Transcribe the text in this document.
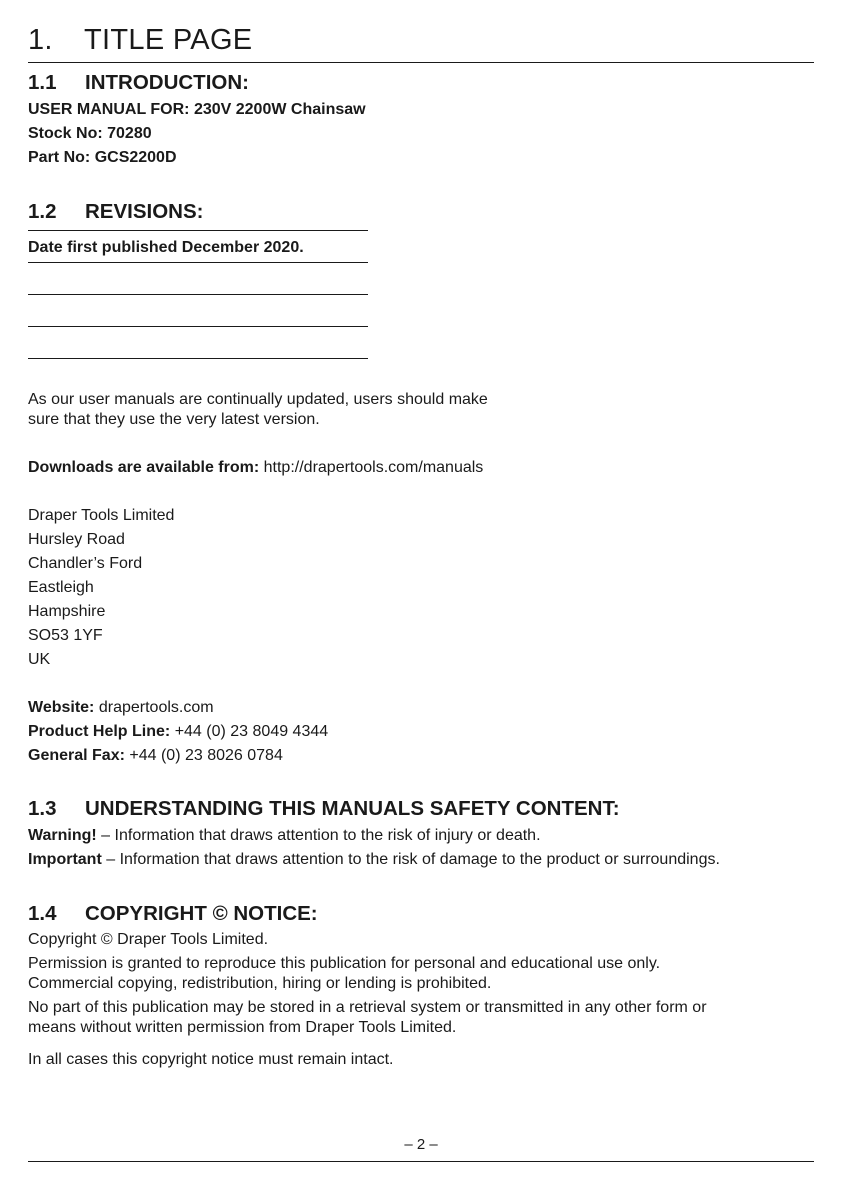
1. TITLE PAGE
1.1 INTRODUCTION:
USER MANUAL FOR: 230V 2200W Chainsaw
Stock No: 70280
Part No: GCS2200D
1.2 REVISIONS:
Date first published December 2020.
As our user manuals are continually updated, users should make
sure that they use the very latest version.
Downloads are available from: http://drapertools.com/manuals
Draper Tools Limited
Hursley Road
Chandler’s Ford
Eastleigh
Hampshire
SO53 1YF
UK
Website: drapertools.com
Product Help Line: +44 (0) 23 8049 4344
General Fax: +44 (0) 23 8026 0784
1.3 UNDERSTANDING THIS MANUALS SAFETY CONTENT:
Warning! – Information that draws attention to the risk of injury or death.
Important – Information that draws attention to the risk of damage to the product or surroundings.
1.4 COPYRIGHT © NOTICE:
Copyright © Draper Tools Limited.
Permission is granted to reproduce this publication for personal and educational use only.
Commercial copying, redistribution, hiring or lending is prohibited.
No part of this publication may be stored in a retrieval system or transmitted in any other form or
means without written permission from Draper Tools Limited.
In all cases this copyright notice must remain intact.
– 2 –
